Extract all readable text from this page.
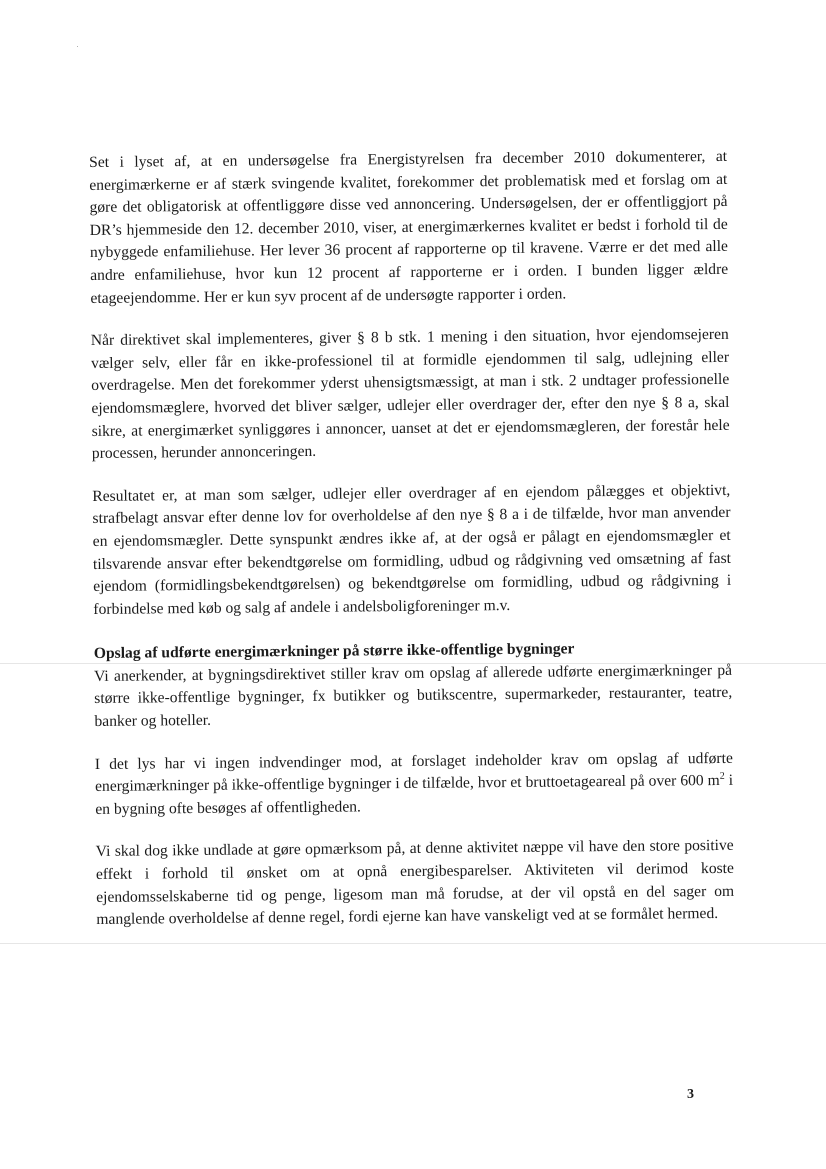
Set i lyset af, at en undersøgelse fra Energistyrelsen fra december 2010 dokumenterer, at energimærkerne er af stærk svingende kvalitet, forekommer det problematisk med et forslag om at gøre det obligatorisk at offentliggøre disse ved annoncering. Undersøgelsen, der er offentliggjort på DR’s hjemmeside den 12. december 2010, viser, at energimærkernes kvalitet er bedst i forhold til de nybyggede enfamiliehuse. Her lever 36 procent af rapporterne op til kravene. Værre er det med alle andre enfamiliehuse, hvor kun 12 procent af rapporterne er i orden. I bunden ligger ældre etageejendomme. Her er kun syv procent af de undersøgte rapporter i orden.

Når direktivet skal implementeres, giver § 8 b stk. 1 mening i den situation, hvor ejendomsejeren vælger selv, eller får en ikke-professionel til at formidle ejendommen til salg, udlejning eller overdragelse. Men det forekommer yderst uhensigtsmæssigt, at man i stk. 2 undtager professionelle ejendomsmæglere, hvorved det bliver sælger, udlejer eller overdrager der, efter den nye § 8 a, skal sikre, at energimærket synliggøres i annoncer, uanset at det er ejendomsmægleren, der forestår hele processen, herunder annonceringen.

Resultatet er, at man som sælger, udlejer eller overdrager af en ejendom pålægges et objektivt, strafbelagt ansvar efter denne lov for overholdelse af den nye § 8 a i de tilfælde, hvor man anvender en ejendomsmægler. Dette synspunkt ændres ikke af, at der også er pålagt en ejendomsmægler et tilsvarende ansvar efter bekendtgørelse om formidling, udbud og rådgivning ved omsætning af fast ejendom (formidlingsbekendtgørelsen) og bekendtgørelse om formidling, udbud og rådgivning i forbindelse med køb og salg af andele i andelsboligforeninger m.v.

Opslag af udførte energimærkninger på større ikke-offentlige bygninger

Vi anerkender, at bygningsdirektivet stiller krav om opslag af allerede udførte energimærkninger på større ikke-offentlige bygninger, fx butikker og butikscentre, supermarkeder, restauranter, teatre, banker og hoteller.

I det lys har vi ingen indvendinger mod, at forslaget indeholder krav om opslag af udførte energimærkninger på ikke-offentlige bygninger i de tilfælde, hvor et bruttoetageareal på over 600 $m^2$ i en bygning ofte besøges af offentligheden.

Vi skal dog ikke undlade at gøre opmærksom på, at denne aktivitet næppe vil have den store positive effekt i forhold til ønsket om at opnå energibesparelser. Aktiviteten vil derimod koste ejendomsselskaberne tid og penge, ligesom man må forudse, at der vil opstå en del sager om manglende overholdelse af denne regel, fordi ejerne kan have vanskeligt ved at se formålet hermed.

3
